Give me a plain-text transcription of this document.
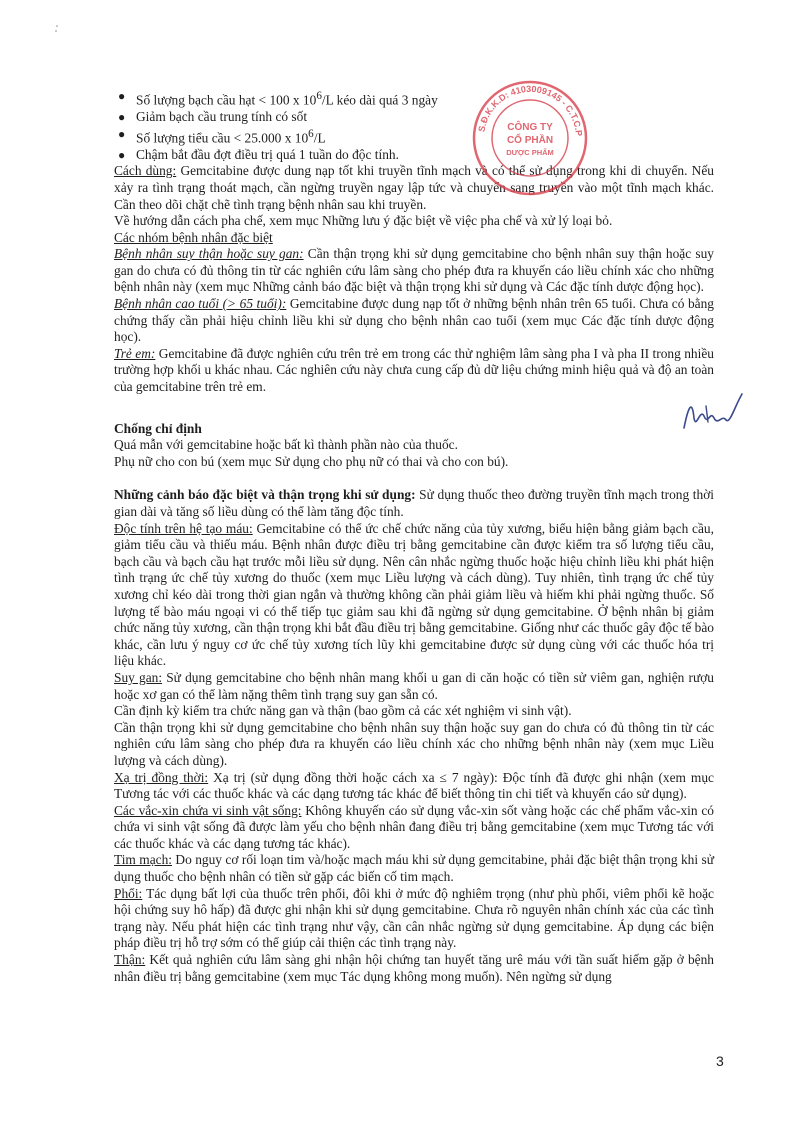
● Số lượng bạch cầu hạt < 100 x $10^6/L$ kéo dài quá 3 ngày
● Giảm bạch cầu trung tính có sốt
● Số lượng tiểu cầu < 25.000 x $10^6/L$
● Chậm bắt đầu đợt điều trị quá 1 tuần do độc tính.

Cách dùng: Gemcitabine được dung nạp tốt khi truyền tĩnh mạch và có thể sử dụng trong khi di chuyển. Nếu xảy ra tình trạng thoát mạch, cần ngừng truyền ngay lập tức và chuyển sang truyền vào một tĩnh mạch khác. Cần theo dõi chặt chẽ tình trạng bệnh nhân sau khi truyền.

Về hướng dẫn cách pha chế, xem mục Những lưu ý đặc biệt về việc pha chế và xử lý loại bỏ.

Các nhóm bệnh nhân đặc biệt

Bệnh nhân suy thận hoặc suy gan: Cần thận trọng khi sử dụng gemcitabine cho bệnh nhân suy thận hoặc suy gan do chưa có đủ thông tin từ các nghiên cứu lâm sàng cho phép đưa ra khuyến cáo liều chính xác cho những bệnh nhân này (xem mục Những cảnh báo đặc biệt và thận trọng khi sử dụng và Các đặc tính dược động học).

Bệnh nhân cao tuổi (> 65 tuổi): Gemcitabine được dung nạp tốt ở những bệnh nhân trên 65 tuổi. Chưa có bằng chứng thấy cần phải hiệu chỉnh liều khi sử dụng cho bệnh nhân cao tuổi (xem mục Các đặc tính dược động học).

Trẻ em: Gemcitabine đã được nghiên cứu trên trẻ em trong các thử nghiệm lâm sàng pha I và pha II trong nhiều trường hợp khối u khác nhau. Các nghiên cứu này chưa cung cấp đủ dữ liệu chứng minh hiệu quả và độ an toàn của gemcitabine trên trẻ em.

Chống chỉ định

Quá mẫn với gemcitabine hoặc bất kì thành phần nào của thuốc.

Phụ nữ cho con bú (xem mục Sử dụng cho phụ nữ có thai và cho con bú).

Những cảnh báo đặc biệt và thận trọng khi sử dụng: Sử dụng thuốc theo đường truyền tĩnh mạch trong thời gian dài và tăng số liều dùng có thể làm tăng độc tính.

Độc tính trên hệ tạo máu: Gemcitabine có thể ức chế chức năng của tủy xương, biểu hiện bằng giảm bạch cầu, giảm tiểu cầu và thiếu máu. Bệnh nhân được điều trị bằng gemcitabine cần được kiểm tra số lượng tiểu cầu, bạch cầu và bạch cầu hạt trước mỗi liều sử dụng. Nên cân nhắc ngừng thuốc hoặc hiệu chỉnh liều khi phát hiện tình trạng ức chế tủy xương do thuốc (xem mục Liều lượng và cách dùng). Tuy nhiên, tình trạng ức chế tủy xương chỉ kéo dài trong thời gian ngắn và thường không cần phải giảm liều và hiếm khi phải ngừng thuốc. Số lượng tế bào máu ngoại vi có thể tiếp tục giảm sau khi đã ngừng sử dụng gemcitabine. Ở bệnh nhân bị giảm chức năng tủy xương, cần thận trọng khi bắt đầu điều trị bằng gemcitabine. Giống như các thuốc gây độc tế bào khác, cần lưu ý nguy cơ ức chế tủy xương tích lũy khi gemcitabine được sử dụng cùng với các thuốc hóa trị liệu khác.

Suy gan: Sử dụng gemcitabine cho bệnh nhân mang khối u gan di căn hoặc có tiền sử viêm gan, nghiện rượu hoặc xơ gan có thể làm nặng thêm tình trạng suy gan sẵn có.

Cần định kỳ kiểm tra chức năng gan và thận (bao gồm cả các xét nghiệm vi sinh vật).

Cần thận trọng khi sử dụng gemcitabine cho bệnh nhân suy thận hoặc suy gan do chưa có đủ thông tin từ các nghiên cứu lâm sàng cho phép đưa ra khuyến cáo liều chính xác cho những bệnh nhân này (xem mục Liều lượng và cách dùng).

Xạ trị đồng thời: Xạ trị (sử dụng đồng thời hoặc cách xa ≤ 7 ngày): Độc tính đã được ghi nhận (xem mục Tương tác với các thuốc khác và các dạng tương tác khác để biết thông tin chi tiết và khuyến cáo sử dụng).

Các vắc-xin chứa vi sinh vật sống: Không khuyến cáo sử dụng vắc-xin sốt vàng hoặc các chế phẩm vắc-xin có chứa vi sinh vật sống đã được làm yếu cho bệnh nhân đang điều trị bằng gemcitabine (xem mục Tương tác với các thuốc khác và các dạng tương tác khác).

Tim mạch: Do nguy cơ rối loạn tim và/hoặc mạch máu khi sử dụng gemcitabine, phải đặc biệt thận trọng khi sử dụng thuốc cho bệnh nhân có tiền sử gặp các biến cố tim mạch.

Phổi: Tác dụng bất lợi của thuốc trên phổi, đôi khi ở mức độ nghiêm trọng (như phù phổi, viêm phổi kẽ hoặc hội chứng suy hô hấp) đã được ghi nhận khi sử dụng gemcitabine. Chưa rõ nguyên nhân chính xác của các tình trạng này. Nếu phát hiện các tình trạng như vậy, cần cân nhắc ngừng sử dụng gemcitabine. Áp dụng các biện pháp điều trị hỗ trợ sớm có thể giúp cải thiện các tình trạng này.

Thận: Kết quả nghiên cứu lâm sàng ghi nhận hội chứng tan huyết tăng urê máu với tần suất hiếm gặp ở bệnh nhân điều trị bằng gemcitabine (xem mục Tác dụng không mong muốn). Nên ngừng sử dụng

S.Đ.K.K.D: 4103009145 - C.T.C.P
CÔNG TY
CỔ PHẦN
DƯỢC PHẨM
3
